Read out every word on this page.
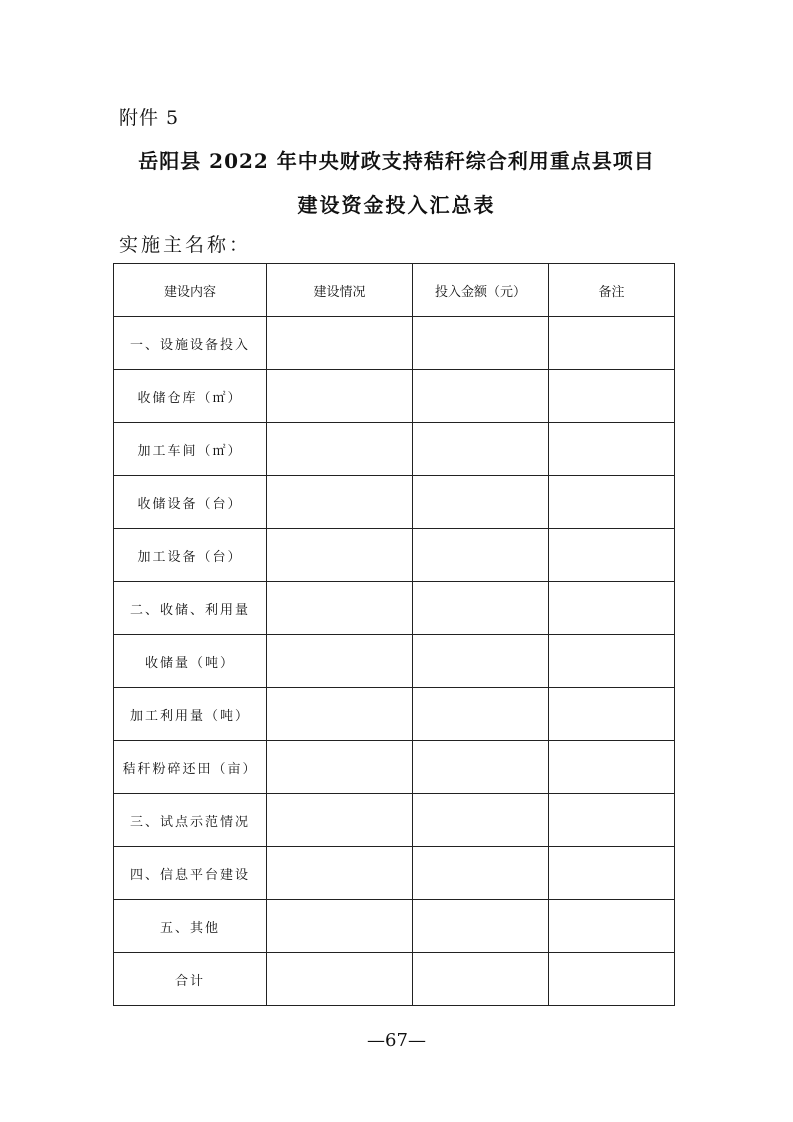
附件 5
岳阳县 2022 年中央财政支持秸秆综合利用重点县项目
建设资金投入汇总表
实施主名称：
建设内容	建设情况	投入金额（元）	备注
一、设施设备投入			
收储仓库（㎡）			
加工车间（㎡）			
收储设备（台）			
加工设备（台）			
二、收储、利用量			
收储量（吨）			
加工利用量（吨）			
秸秆粉碎还田（亩）			
三、试点示范情况			
四、信息平台建设			
五、其他			
合计			
—67—
